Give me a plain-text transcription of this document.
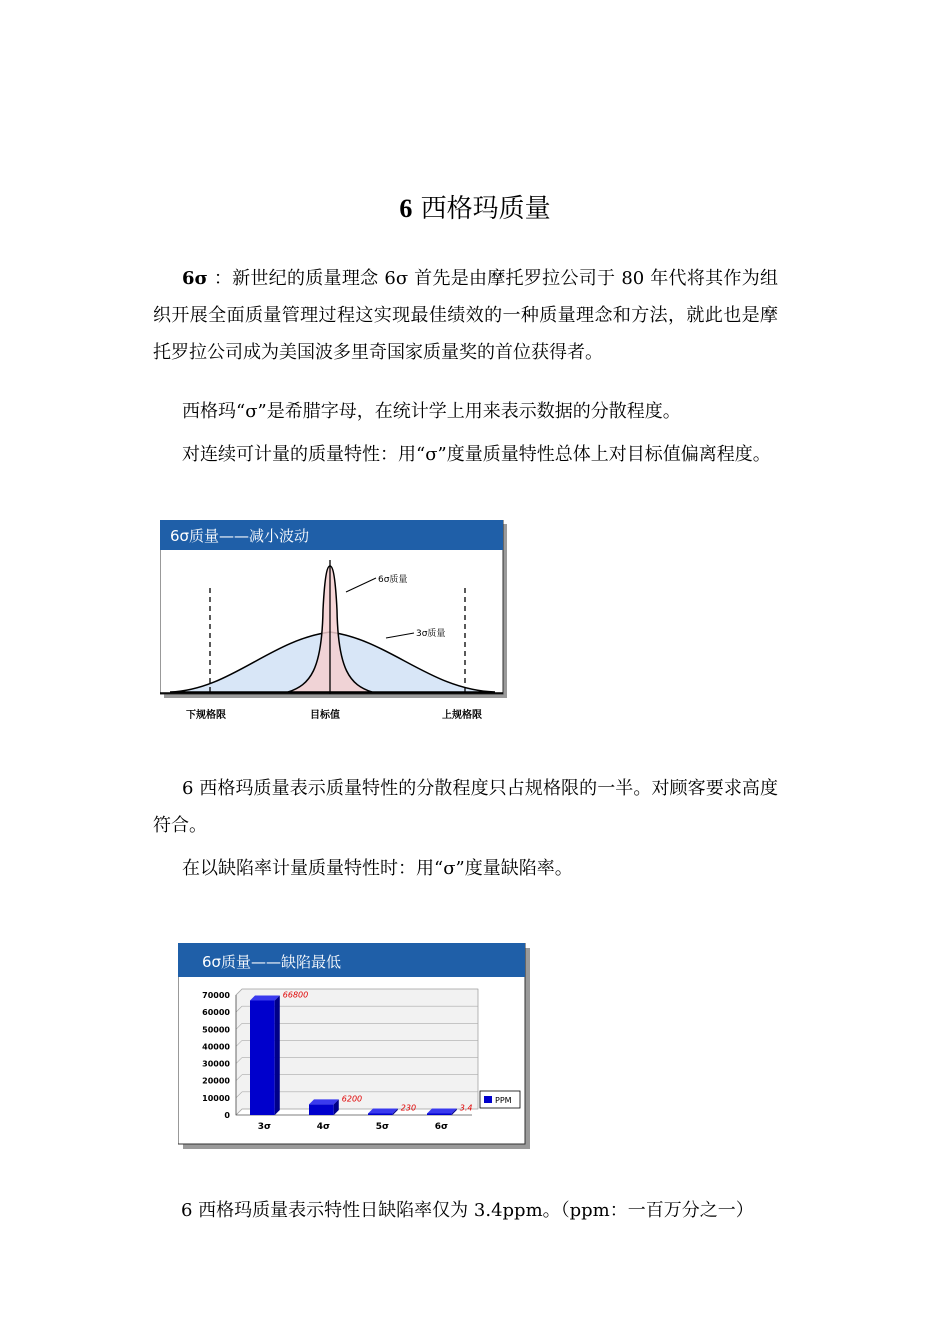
6 西格玛质量
6σ ：新世纪的质量理念 6σ 首先是由摩托罗拉公司于 80 年代将其作为组织开展全面质量管理过程这实现最佳绩效的一种质量理念和方法，就此也是摩托罗拉公司成为美国波多里奇国家质量奖的首位获得者。
西格玛“σ”是希腊字母，在统计学上用来表示数据的分散程度。
对连续可计量的质量特性：用“σ”度量质量特性总体上对目标值偏离程度。
6σ质量——减小波动
6σ质量
3σ质量
下规格限	目标值	上规格限
6 西格玛质量表示质量特性的分散程度只占规格限的一半。对顾客要求高度符合。
在以缺陷率计量质量特性时：用“σ”度量缺陷率。
6σ质量——缺陷最低
70000
60000
50000
40000
30000
20000
10000
0
66800
3σ
6200
4σ
230
5σ
3.4
6σ
PPM
6 西格玛质量表示特性日缺陷率仅为 3.4ppm。（ppm：一百万分之一）
